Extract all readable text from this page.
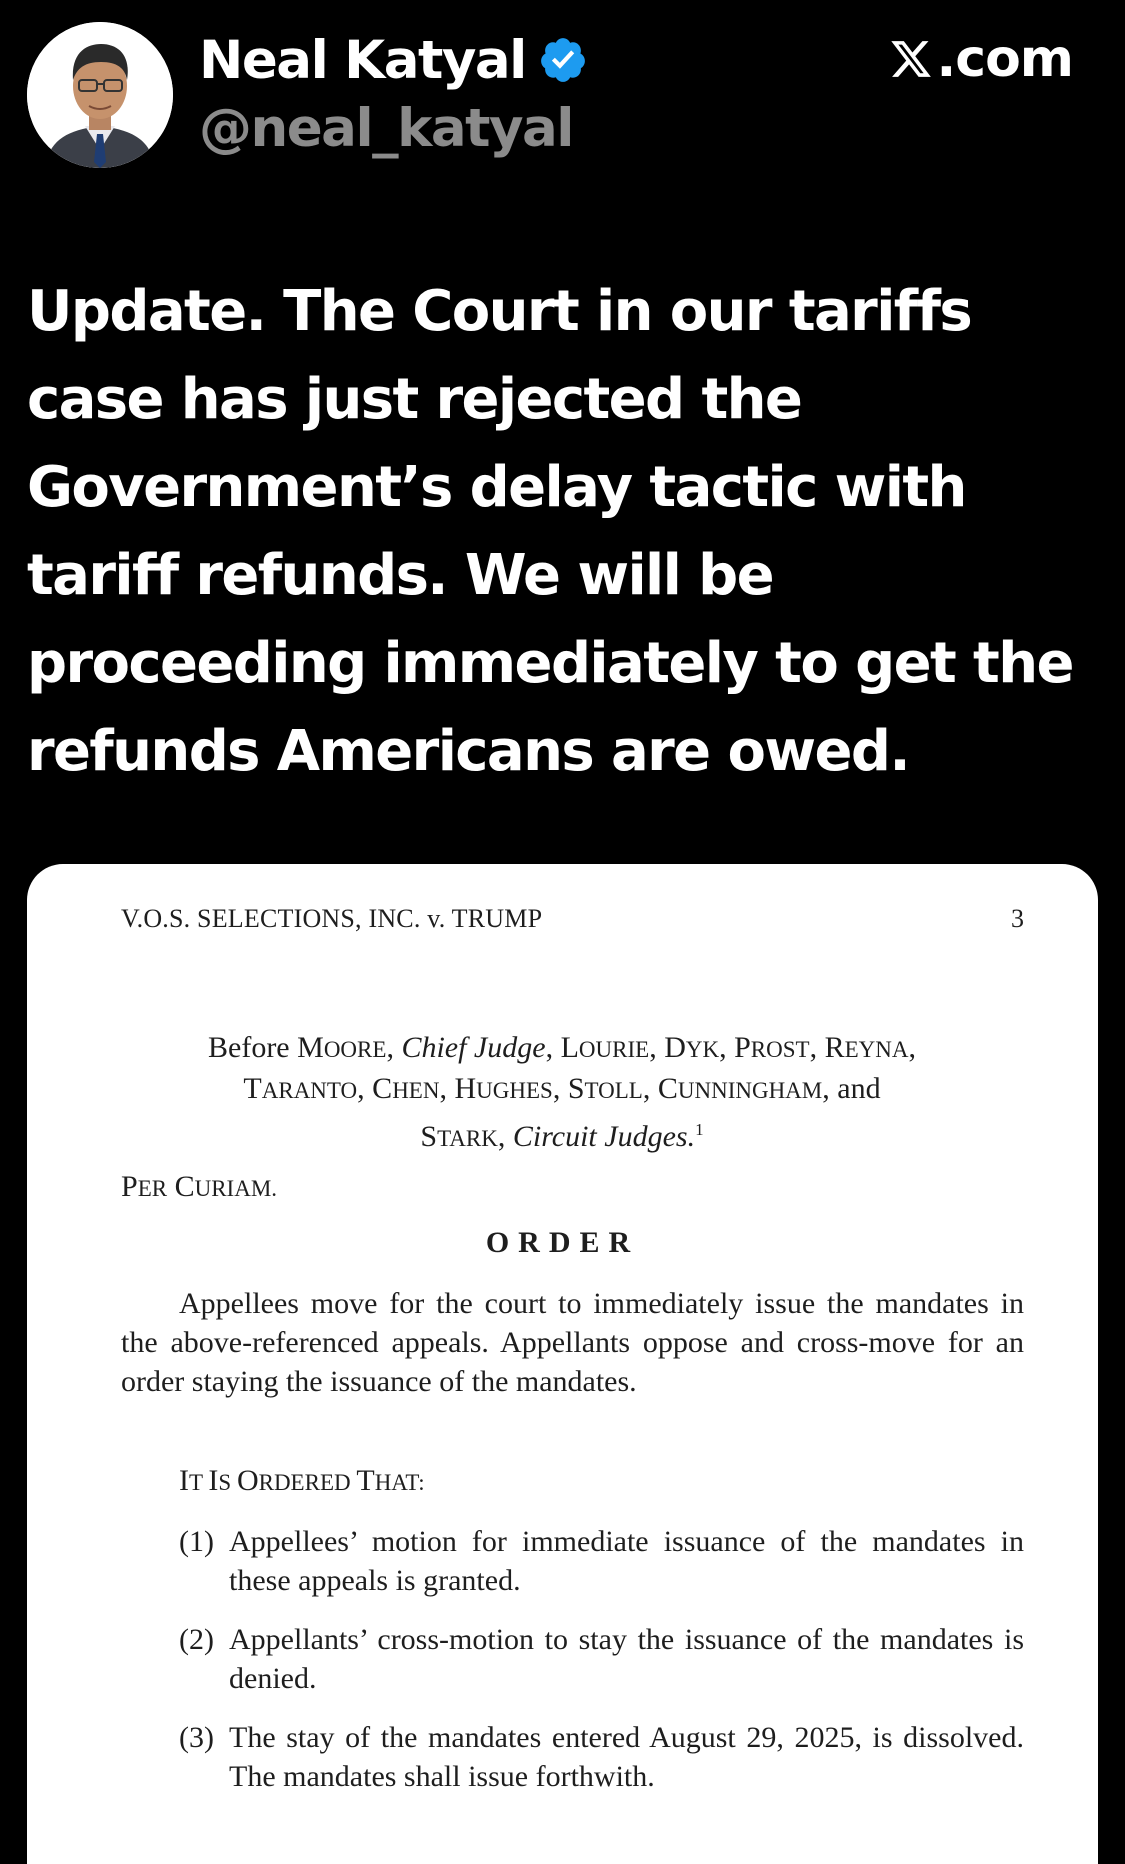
Neal Katyal
@neal_katyal
.com

Update. The Court in our tariffs case has just rejected the Government’s delay tactic with tariff refunds. We will be proceeding immediately to get the refunds Americans are owed.

V.O.S. SELECTIONS, INC. v. TRUMP	3
Before MOORE, Chief Judge, LOURIE, DYK, PROST, REYNA,
TARANTO, CHEN, HUGHES, STOLL, CUNNINGHAM, and
STARK, Circuit Judges.$^1$
PER CURIAM.
ORDER

Appellees move for the court to immediately issue the mandates in the above-referenced appeals. Appellants oppose and cross-move for an order staying the issuance of the mandates.

IT IS ORDERED THAT:
(1) Appellees’ motion for immediate issuance of the mandates in these appeals is granted.
(2) Appellants’ cross-motion to stay the issuance of the mandates is denied.
(3) The stay of the mandates entered August 29, 2025, is dissolved. The mandates shall issue forthwith.
